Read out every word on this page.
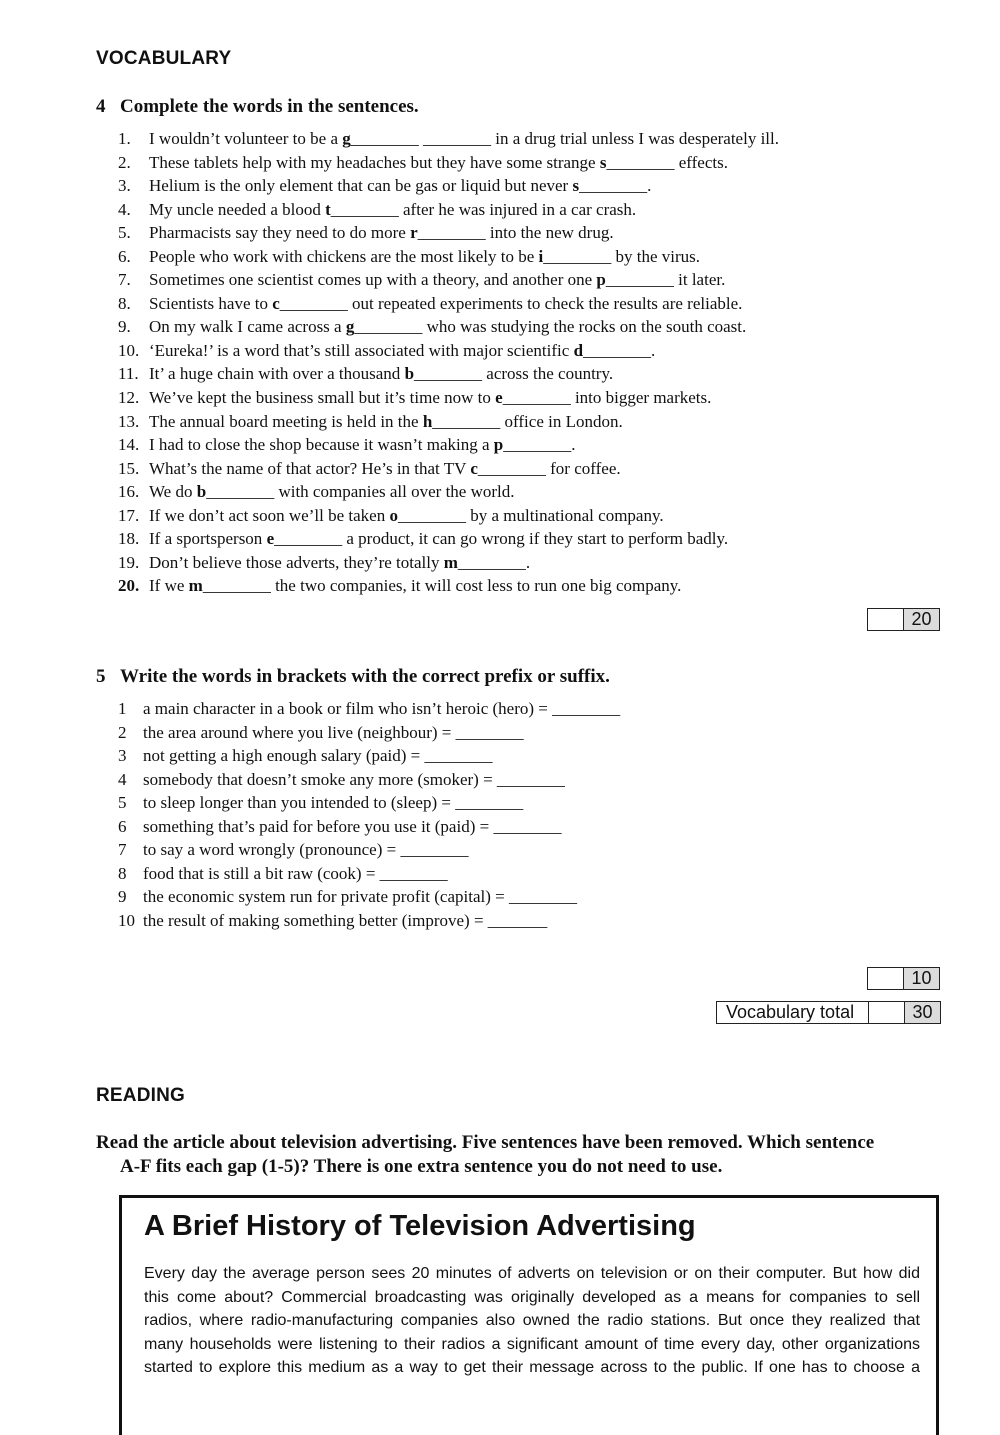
VOCABULARY
4 Complete the words in the sentences.
1.	I wouldn’t volunteer to be a g________ ________ in a drug trial unless I was desperately ill.
2.	These tablets help with my headaches but they have some strange s________ effects.
3.	Helium is the only element that can be gas or liquid but never s________.
4.	My uncle needed a blood t________ after he was injured in a car crash.
5.	Pharmacists say they need to do more r________ into the new drug.
6.	People who work with chickens are the most likely to be i________ by the virus.
7.	Sometimes one scientist comes up with a theory, and another one p________ it later.
8.	Scientists have to c________ out repeated experiments to check the results are reliable.
9.	On my walk I came across a g________ who was studying the rocks on the south coast.
10. ‘Eureka!’ is a word that’s still associated with major scientific d________.
11. It’ a huge chain with over a thousand b________ across the country.
12. We’ve kept the business small but it’s time now to e________ into bigger markets.
13. The annual board meeting is held in the h________ office in London.
14. I had to close the shop because it wasn’t making a p________.
15. What’s the name of that actor? He’s in that TV c________ for coffee.
16. We do b________ with companies all over the world.
17. If we don’t act soon we’ll be taken o________ by a multinational company.
18. If a sportsperson e________ a product, it can go wrong if they start to perform badly.
19. Don’t believe those adverts, they’re totally m________.
20. If we m________ the two companies, it will cost less to run one big company.
20
5 Write the words in brackets with the correct prefix or suffix.
1 a main character in a book or film who isn’t heroic (hero) = ________
2 the area around where you live (neighbour) = ________
3 not getting a high enough salary (paid) = ________
4 somebody that doesn’t smoke any more (smoker) = ________
5 to sleep longer than you intended to (sleep) = ________
6 something that’s paid for before you use it (paid) = ________
7 to say a word wrongly (pronounce) = ________
8 food that is still a bit raw (cook) = ________
9 the economic system run for private profit (capital) = ________
10 the result of making something better (improve) = _______
10
Vocabulary total	30
READING
Read the article about television advertising. Five sentences have been removed. Which sentence
A-F fits each gap (1-5)? There is one extra sentence you do not need to use.
A Brief History of Television Advertising
Every day the average person sees 20 minutes of adverts on television or on their computer. But how did
this come about? Commercial broadcasting was originally developed as a means for companies to sell
radios, where radio-manufacturing companies also owned the radio stations. But once they realized that
many households were listening to their radios a significant amount of time every day, other organizations
started to explore this medium as a way to get their message across to the public. If one has to choose a
